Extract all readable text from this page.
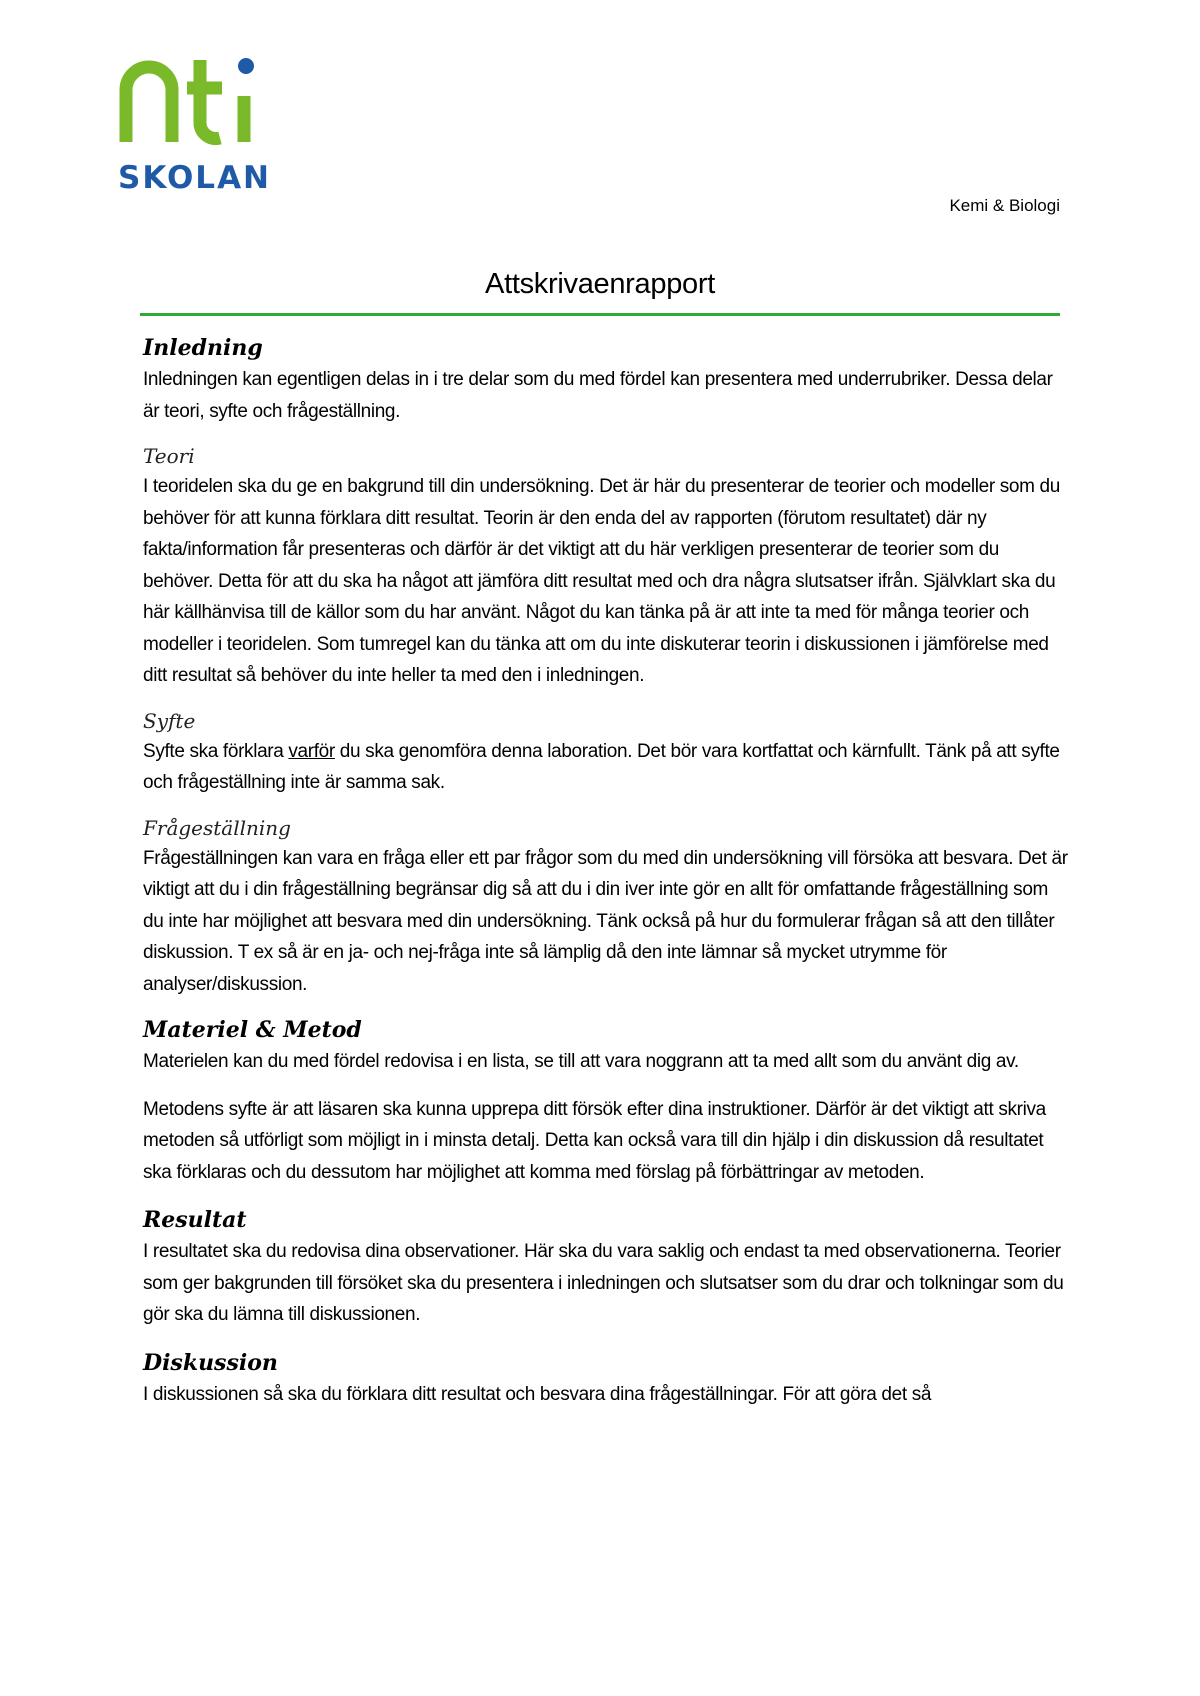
SKOLAN
Kemi & Biologi
Attskrivaenrapport
Inledning

Inledningen kan egentligen delas in i tre delar som du med fördel kan presentera med underrubriker. Dessa delar är teori, syfte och frågeställning.

Teori

I teoridelen ska du ge en bakgrund till din undersökning. Det är här du presenterar de teorier och modeller som du behöver för att kunna förklara ditt resultat. Teorin är den enda del av rapporten (förutom resultatet) där ny fakta/information får presenteras och därför är det viktigt att du här verkligen presenterar de teorier som du behöver. Detta för att du ska ha något att jämföra ditt resultat med och dra några slutsatser ifrån. Självklart ska du här källhänvisa till de källor som du har använt. Något du kan tänka på är att inte ta med för många teorier och modeller i teoridelen. Som tumregel kan du tänka att om du inte diskuterar teorin i diskussionen i jämförelse med ditt resultat så behöver du inte heller ta med den i inledningen.

Syfte

Syfte ska förklara varför du ska genomföra denna laboration. Det bör vara kortfattat och kärnfullt. Tänk på att syfte och frågeställning inte är samma sak.

Frågeställning

Frågeställningen kan vara en fråga eller ett par frågor som du med din undersökning vill försöka att besvara. Det är viktigt att du i din frågeställning begränsar dig så att du i din iver inte gör en allt för omfattande frågeställning som du inte har möjlighet att besvara med din undersökning. Tänk också på hur du formulerar frågan så att den tillåter diskussion. T ex så är en ja- och nej-fråga inte så lämplig då den inte lämnar så mycket utrymme för analyser/diskussion.

Materiel & Metod

Materielen kan du med fördel redovisa i en lista, se till att vara noggrann att ta med allt som du använt dig av.

Metodens syfte är att läsaren ska kunna upprepa ditt försök efter dina instruktioner. Därför är det viktigt att skriva metoden så utförligt som möjligt in i minsta detalj. Detta kan också vara till din hjälp i din diskussion då resultatet ska förklaras och du dessutom har möjlighet att komma med förslag på förbättringar av metoden.

Resultat

I resultatet ska du redovisa dina observationer. Här ska du vara saklig och endast ta med observationerna. Teorier som ger bakgrunden till försöket ska du presentera i inledningen och slutsatser som du drar och tolkningar som du gör ska du lämna till diskussionen.

Diskussion

I diskussionen så ska du förklara ditt resultat och besvara dina frågeställningar. För att göra det så
